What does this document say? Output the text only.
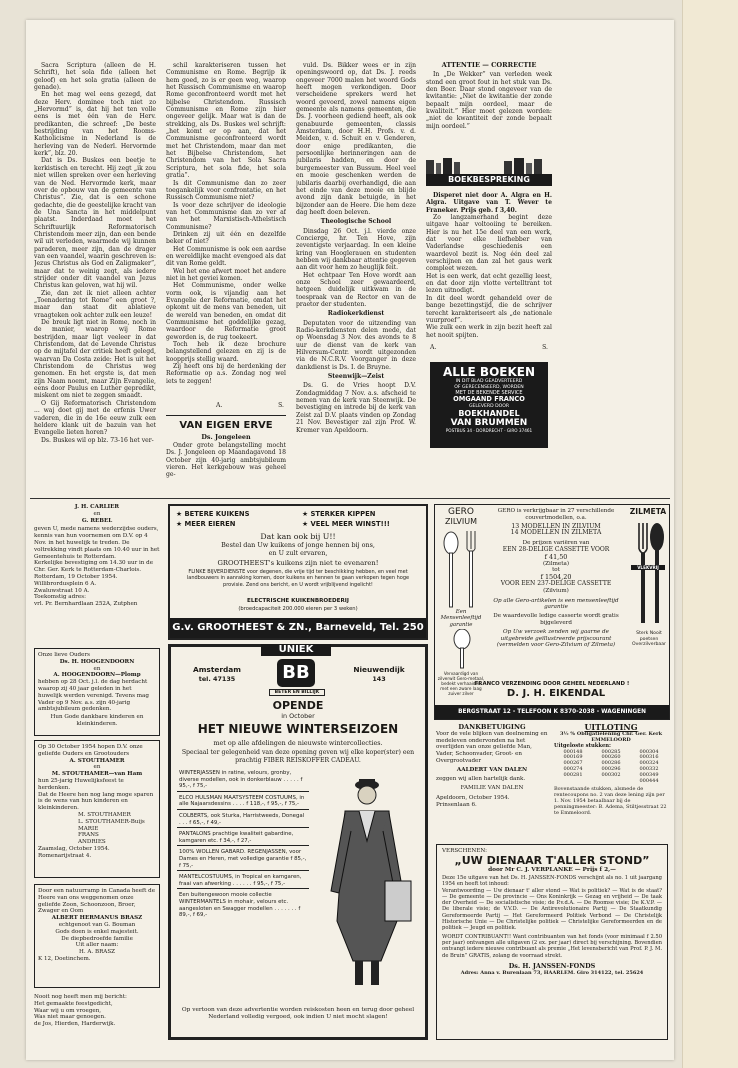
Sacra Scriptura (alleen de H. Schrift), het sola fide (alleen het geloof) en het sola gratia (alleen de genade).

En het mag wel eens gezegd, dat deze Herv. dominee toch niet zo „Hervormd” is, dat hij het ten volle eens is met één van de Herv. predikanten, die schreef: „De beste bestrijding van het Rooms-Katholicisme in Nederland is de herleving van de Nederl. Hervormde kerk”, blz. 20.

Dat is Ds. Buskes een beetje te kerkistisch en terecht. Hij zegt „ik zou niet willen spreken over een herleving van de Ned. Hervormde kerk, maar over de opbouw van de gemeente van Christus”. Zie, dat is een schone gedachte, die de geestelijke kracht van de Una Sancta in het middelpunt plaatst. Inderdaad moet het Schriftuurlijk Reformatorisch Christendom meer zijn, dan een bende wil uit verleden, waarmede wij kunnen paraderen, meer zijn, dan de drager van een vaandel, waarin geschreven is: Jezus Christus als God en Zaligmaker”, maar dat te weinig zegt, als iedere strijder onder dit vaandel van Jezus Christus kan geloven, wat hij wil.

Zie, dan zet ik niet alleen achter „Toenadering tot Rome” een groot ?, maar dan staat dit ablatieve vraagteken ook achter zulk een leuze!

De breuk ligt niet in Rome, noch in de manier, waarop wij Rome bestrijden, maar ligt veeleer in dat Christendom, dat de Levende Christus op de mijtafel der critiek heeft gelegd, waarvan Da Costa zeide: Het is uit het Christendom de Christus weg genomen. En het ergste is, dat men zijn Naam noemt, maar Zijn Evangelie, eens door Paulus en Luther gepredikt, miskent om niet te zeggen smaadt.

O Gij Reformatorisch Christendom ... waj doet gij met de erfenis Uwer vaderen, die in de 16e eeuw zulk een heldere klank uit de bazuin van het Evangelie lieten horen?

Ds. Buskes wil op blz. 73-16 het ver-

schil karakteriseren tussen het Communisme en Rome. Begrijp ik hem goed, zo is er geen weg, waarop het Russisch Communisme en waarop Rome geconfronteerd wordt met het bijbelse Christendom. Russisch Communisme en Rome zijn hier ongeveer gelijk. Maar wat is dan de strekking, als Ds. Buskes wel schrijft: „het komt er op aan, dat het Communisme geconfronteerd wordt met het Christendom, maar dan met het Bijbelse Christendom, het Christendom van het Sola Sacra Scriptura, het sola fide, het sola gratia”.

Is dit Communisme dan zo zeer toegankelijk voor confrontatie, en het Russisch Communisme niet?

Is voor deze schrijver de ideologie van het Communisme dan zo ver af van het Marxistisch-Atheïstisch Communisme?

Drinken zij uit één en dezelfde beker of niet?

Het Communisme is ook een aardse en wereldlijke macht evengoed als dat dit van Rome geldt.

Wel het ene afwert moet het andere niet in het geviei komen.

Het Communisme, onder welke vorm ook, is vijandig aan het Evangelie der Reformatie, omdat het opkomt uit de mens van beneden, uit de wereld van beneden, en omdat dit Communisme het goddelijke gezag, waardoor de Reformatie groot geworden is, de rug toekeert.

Toch heb ik deze brochure belangstellend gelezen en zij is de koopprijs stellig waard.

Zij heeft ons bij de herdenking der Reformatie op a.s. Zondag nog wel iets te zeggen!

A.	S.
VAN EIGEN ERVE
Ds. Jongeleen

Onder grote belangstelling mocht Ds. J. Jongeleen op Maandagavond 18 October zijn 40-jarig ambtsjubileum vieren. Het kerkgebouw was geheel ge-

vuld. Ds. Bikker wees er in zijn openingswoord op, dat Ds. J. reeds ongeveer 7000 malen het woord Gods heeft mogen verkondigen. Door verscheidene sprekers werd het woord gevoerd, zowel namens eigen gemeente als namens gemeenten, die Ds. J. voorheen gediend heeft, als ook genabuurde gemeenten, classis Amsterdam, door H.H. Profs. v. d. Meiden, v. d. Schuit en v. Genderen, door enige predikanten, die persoonlijke herinneringen aan de jubilaris hadden, en door de burgemeester van Bussum. Heel veel en mooie geschenken werden de jubilaris daarbij overhandigd, die aan het einde van deze mooie en blijde avond zijn dank betuigde, in het bijzonder aan de Heere. Die hem deze dag heeft doen beleven.

Theologische School

Dinsdag 26 Oct. j.l. vierde onze Concierge, hr. Ten Hove, zijn zeventigste verjaardag. In een kleine kring van Hooglerauen en studenten hebben wij dankbaar attentie gegeven aan dit voor hem zo heuglijk feit.

Het echtpaar Ten Hove wordt aan onze School zeer gewaardeerd, hetgeen duidelijk uitkwam in de toespraak van de Rector en van de praetor der studenten.

Radiokerkdienst

Deputaten voor de uitzending van Radio-kerkdiensten delen mede, dat op Woensdag 3 Nov. des avonds te 8 uur de dienst van de kerk van Hilversum-Centr. wordt uitgezonden via de N.C.R.V. Voorganger in deze dankdienst is Ds. I. de Bruyne.

Steenwijk—Zeist

Ds. G. de Vries hoopt D.V. Zondagmiddag 7 Nov. a.s. afscheid te nemen van de kerk van Steenwijk. De bevestiging en intrede bij de kerk van Zeist zal D.V. plaats vinden op Zondag 21 Nov. Bevestiger zal zijn Prof. W. Kremer van Apeldoorn.

ATTENTIE — CORRECTIE

In „De Wekker” van verleden week stond een groot fout in het stuk van Ds. den Boer. Daar stond ongeveer van de kwitantie: „Niet de kwitantie der zonde bepaalt mijn oordeel, maar de kwaliteit.” Hier moet gelezen worden: „niet de kwantiteit der zonde bepaalt mijn oordeel.”

BOEKBESPREKING

Disperet niet door A. Algra en H. Algra. Uitgave van T. Wever te Franeker. Prijs geb. f 3,40.

Zo langzamerhand begint deze uitgave haar voltooiing te bereiken. Hier is nu het 15e deel van een werk, dat voor elke liefhebber van Vaderlandse geschiedenis een waardevol bezit is. Nog één deel zal verschijnen en dan zal het gaus werk compleet wezen.
Het is een werk, dat echt gezellig leest, en dat door zijn vlotte vertelltrant tot lezen uitnodigt.
In dit deel wordt gehandeld over de bange bezettingstijd, die de schrijver terecht karakteriseert als „de nationale vuurproef”.
Wie zulk een werk in zijn bezit heeft zal het nooit spijten.

A.	S.
ALLE BOEKEN
IN DIT BLAD GEADVERTEERD
OF GERECENSEERD, WORDEN
MET DE BEKENDE SERVICE
OMGAAND FRANCO
GELEVERD DOOR
BOEKHANDEL
VAN BRUMMEN
POSTBUS 34 · DORDRECHT · GIRO 37461
J. H. CARLIER
en
G. REBEL
geven U, mede namens wederzijdse ouders, kennis van hun voornemen om D.V. op 4 Nov. in het huwelijk te treden. De voltrekking vindt plaats om 10.40 uur in het Gemeentehuis te Rotterdam.
Kerkelijke bevestiging om 14.30 uur in de Chr. Ger. Kerk te Rotterdam-Charlois.
Rotterdam, 19 October 1954.
Willibrordusplein 6 A.
Zwaluwstraat 10 A.
Toekomstig adres:
vrl. Pr. Bernhardlaan 252A, Zutphen
Onze lieve Ouders
Ds. H. HOOGENDOORN
en
A. HOOGENDOORN—Plomp
hebben op 28 Oct. j.l. de dag herdacht waarop zij 40 jaar geleden in het huwelijk werden verenigd. Tevens mag Vader op 9 Nov. a.s. zijn 40-jarig ambtsjubileum gedenken.
Hun Gode dankbare kinderen en kleinkinderen.
Op 30 October 1954 hopen D.V. onze geliefde Ouders en Grootouders
A. STOUTHAMER
en
M. STOUTHAMER—van Ham
hun 25-jarig Huwelijksfeest te herdenken.
Dat de Heere hen nog lang moge sparen is de wens van hun kinderen en kleinkinderen.
M. STOUTHAMER
L. STOUTHAMER-Buijs
MARIE
FRANS
ANDRIES
Zaamslag, October 1954.
Romenarijstraat 4.
Door een natuurramp in Canada heeft de Heere van ons weggenomen onze geliefde Zoon, Schoonzoon, Broer, Zwager en Oom
ALBERT HERMANUS BRASZ
echtgenoot van G. Bouman
Gods doen is enkel majesteit.
De diepbedroefde familie
Uit aller naam:
H. A. BRASZ
K 12, Doetinchem.
Nooit nog heeft men mij bericht:
Het gemaakte feestgedicht,
Waar wij u om vroegen,
Was niet maar genoegen.
de Jos, Hierden, Harderwijk.
★ BETERE KUIKENS	★ STERKER KIPPEN
★ MEER EIEREN	★ VEEL MEER WINST!!!
Dat kan ook bij U!!
Bestel dan Uw kuikens of jonge hennen bij ons,
en U zult ervaren,
GROOTHEEST's kuikens zijn niet te evenaren!
FLINKE BIJVERDIENSTE voor degenen, die vrije tijd ter beschikking hebben, en veel met landbouwers in aanraking komen, door kuikens en hennen te gaan verkopen tegen hoge provisie. Zend ons bericht, en U wordt vrijblijvend ingelicht!
ELECTRISCHE KUIKENBROEDERIJ
(broedcapaciteit 200.000 eieren per 3 weken)
G.v. GROOTHEEST & ZN., Barneveld, Tel. 250
UNIEK
BB
BETER EN BILLIJK
Amsterdam
tel. 47135
Nieuwendijk
143
OPENDE
in October
HET NIEUWE WINTERSEIZOEN
met op alle afdelingen de nieuwste wintercollecties.
Speciaal ter gelegenheid van deze opening geven wij elke koper(ster) een prachtig FIBER REISKOFFER CADEAU.
WINTERJASSEN in ratine, velours, gronby, diverse modellen, ook in donkerblauw . . . . . f 95,-, f 75,-
ELCO HULSMAN MAATSYSTEEM COSTUUMS, in alle Najaarsdessins . . . . f 118,-, f 95,-, f 75,-
COLBERTS, ook Sturka, Harristweeds, Donegal . . . f 65,-, f 49,-
PANTALONS prachtige kwaliteit gabardine, kamgaren etc. f 34,-, f 27,-
100% WOLLEN GABARD. REGENJASSEN, voor Dames en Heren, met volledige garantie f 85,-, f 75,-
MANTELCOSTUUMS, in Tropical en kamgaren, fraai van afwerking . . . . . . f 95,-, f 75,-
Een buitengewoon mooie collectie WINTERMANTELS in mohair, velours etc. aangesloten en Swagger modellen . . . . . . . f 89,-, f 69,-
Op vertoon van deze advertentie worden reiskosten heen en terug door geheel Nederland volledig vergoed, ook indien U niet mocht slagen!
GERO
ZILVIUM
Een Mensenleeftijd garantie
Vervaardigd van zilverwit Gero-metaal, bedekt verhaaiden met een zware laag zuiver zilver
GERO is verkrijgbaar in 27 verschillende couvertmodellen, o.a.
13 MODELLEN IN ZILVIUM
14 MODELLEN IN ZILMETA
De prijzen variëren van
EEN 28-DELIGE CASSETTE VOOR
f 41,50
(Zilmeta)
tot
f 1504,20
VOOR EEN 237-DELIGE CASSETTE
(Zilvium)
Op alle Gero-artikelen is een mensenleeftijd garantie
De waardevolle ledige casserte wordt gratis bijgeleverd
Op Uw verzoek zenden wij gaarne de uitgebreide geïllustreerde prijscourant (vermelden voor Gero-Zilvium of Zilmeta)
ZILMETA
VLEKVRIJ
Sterk Nooit poetsen Overzilverbaar
FRANCO VERZENDING DOOR GEHEEL NEDERLAND !
D. J. H. EIKENDAL
BERGSTRAAT 12 - TELEFOON K 8370-2038 - WAGENINGEN
DANKBETUIGING
Voor de vele blijken van deelneming en medeleven ondervonden na het overlijden van onze geliefde Man, Vader, Schoonvader, Groot- en Overgrootvader
AALDERT VAN DALEN
zeggen wij allen hartelijk dank.
FAMILIE VAN DALEN
Apeldoorn, October 1954.
Prinsenlaan 6.
UITLOTING
3½ % Obligatielening Chr. Ger. Kerk EMMELOORD
Uitgeloste stukken:
000148	000285	000304
000169	000260	000316
000267	000286	000324
000274	000296	000332
000281	000302	000349
000444
Bovenstaande stukken, alsmede de rentecoupons no. 2 van deze lening zijn per 1. Nov. 1954 betaalbaar bij de penningmeester: B. Adema, Stiltjesstraat 22 te Emmeloord.
VERSCHENEN:
„UW DIENAAR T'ALLER STOND”
door Mr C. J. VERPLANKE — Prijs f 2,—
Deze 15e uitgave van het Ds. H. JANSSEN-FONDS verschijnt als no. 1 uit jaargang 1954 en heeft tot inhoud:
Verantwoording — Uw dienaar t' aller stond — Wat is politiek? — Wat is de staat? — De gemeente — De provincie — Ons Koninkrijk — Gezag en vrijheid — De taak der Overheid — De socialistische visie; de P.v.d.A. — De Roomse visie; De K.V.P. — De liberale visie; de V.V.D. — De Antirevolutionaire Partij — De Staatkundig Gereformeerde Partij — Het Gereformeerd Politiek Verbond — De Christelijk Historische Unie — De Christelijke politiek — Christelijke Gereformeerden en de politiek — Jeugd en politiek.
WORDT CONTRIBUANT!! Want contribuanten van het fonds (voor minimaal f 2.50 per jaar) ontvangen alle uitgaven (2 ex. per jaar) direct bij verschijning. Bovendien ontvangt iedere nieuwe contribuant als premie „Het levensbericht van Prof. P. J. M. de Bruin” GRATIS, zolang de voorraad strekt.
Ds. H. JANSSEN-FONDS
Adres: Anna v. Burenlaan 73, HAARLEM. Giro 314122, tel. 25624
